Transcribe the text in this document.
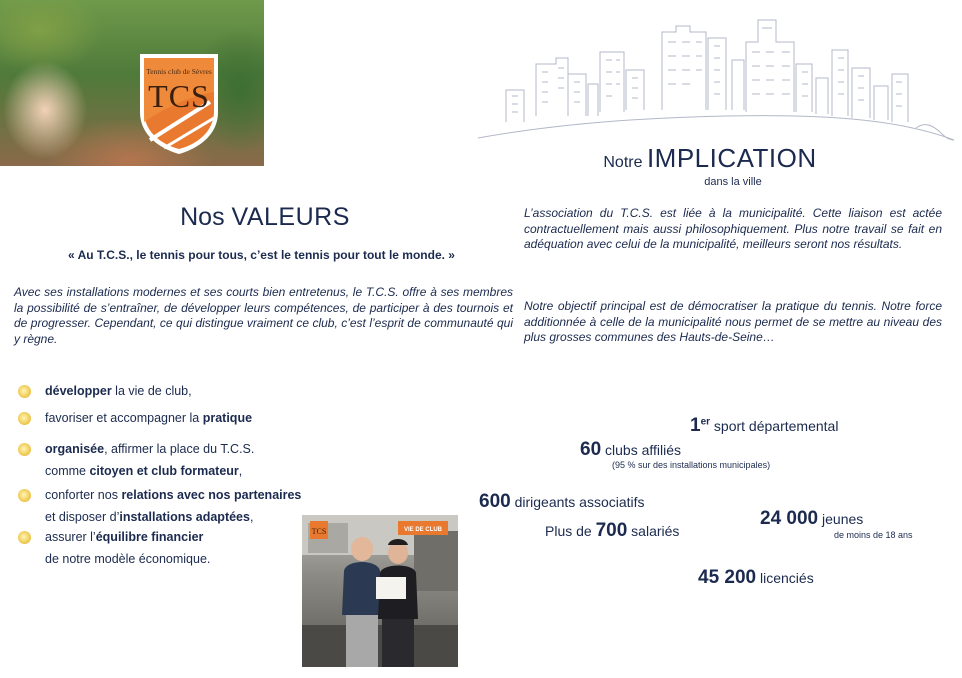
Tennis club de Sèvres
TCS
Notre IMPLICATION
dans la ville
Nos VALEURS
« Au T.C.S., le tennis pour tous, c’est le tennis pour tout le monde. »

Avec ses installations modernes et ses courts bien entretenus, le T.C.S. offre à ses membres la possibilité de s’entraîner, de développer leurs compétences, de participer à des tournois et de progresser. Cependant, ce qui distingue vraiment ce club, c’est l’esprit de communauté qui y règne.

L’association du T.C.S. est liée à la municipalité. Cette liaison est actée contractuellement mais aussi philosophiquement. Plus notre travail se fait en adéquation avec celui de la municipalité, meilleurs seront nos résultats.

Notre objectif principal est de démocratiser la pratique du tennis. Notre force additionnée à celle de la municipalité nous permet de se mettre au niveau des plus grosses communes des Hauts-de-Seine…

développer la vie de club,
favoriser et accompagner la pratique
organisée, affirmer la place du T.C.S.
comme citoyen et club formateur,
conforter nos relations avec nos partenaires
et disposer d’installations adaptées,
assurer l’équilibre financier
de notre modèle économique.
TCS	VIE DE CLUB
1er sport départemental
60 clubs affiliés
(95 % sur des installations municipales)
600 dirigeants associatifs
Plus de 700 salariés
24 000 jeunes
de moins de 18 ans
45 200 licenciés
